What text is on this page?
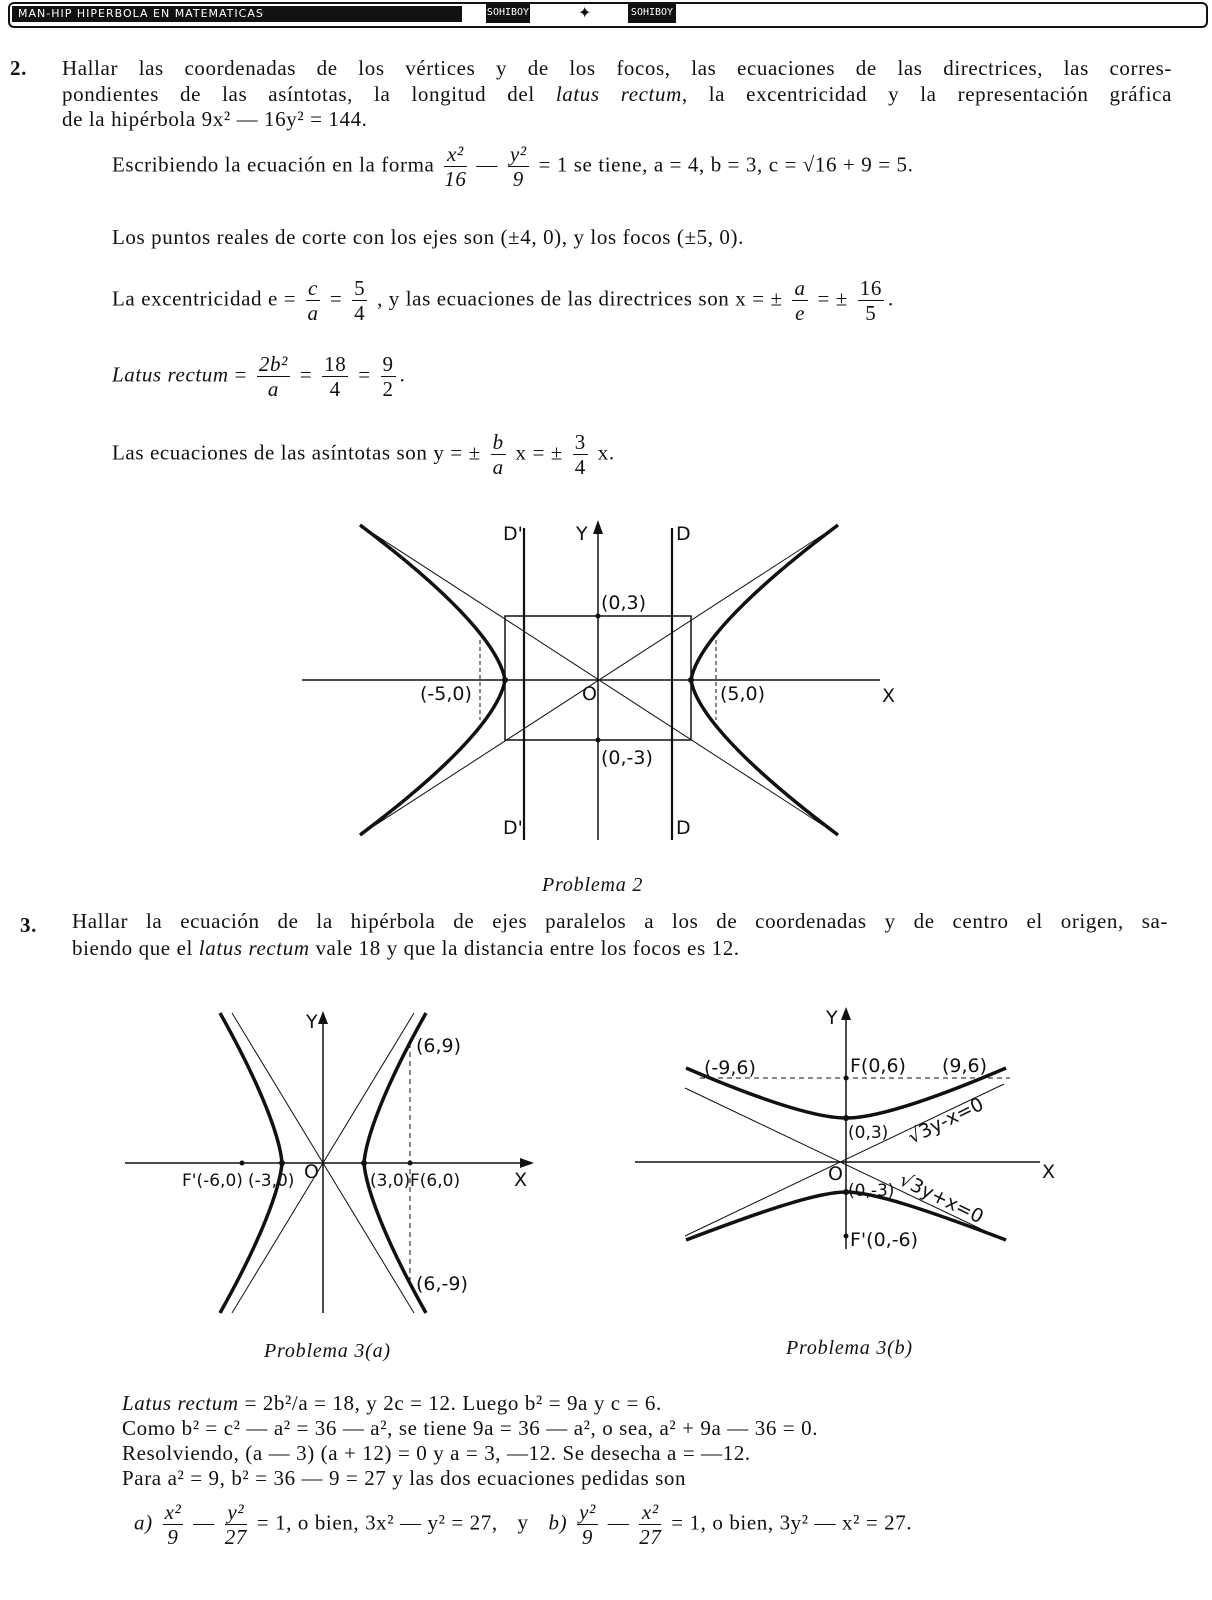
MAN-HIP HIPERBOLA EN MATEMATICAS	SOHIBOY	✦	SOHIBOY
2. Hallar las coordenadas de los vértices y de los focos, las ecuaciones de las directrices, las corres-
pondientes de las asíntotas, la longitud del latus rectum, la excentricidad y la representación gráfica
de la hipérbola 9x² — 16y² = 144.
Escribiendo la ecuación en la forma $\frac{\text{x²}}{16}$ — $\frac{\text{y²}}{9} = 1$ se tiene, a = 4, b = 3, c = √16 + 9 = 5.
Los puntos reales de corte con los ejes son (±4, 0), y los focos (±5, 0).
La excentricidad $e = \frac{c}{a} = \frac{5}{4}$ , y las ecuaciones de las directrices son x = ± $\frac{a}{e}$ = ± $\frac{16}{5}$ .
Latus rectum = $\frac{\text{2b²}}{a} = \frac{18}{4} = \frac{9}{2}$ .
Las ecuaciones de las asíntotas son y = ± $\frac{b}{a}$ x = ± $\frac{3}{4} x$.
D'	Y	D
(0,3)
(-5,0)	O	(5,0)	X
(0,-3)
D'	D
Problema 2
3. Hallar la ecuación de la hipérbola de ejes paralelos a los de coordenadas y de centro el origen, sa-
biendo que el latus rectum vale 18 y que la distancia entre los focos es 12.
Y
(6,9)
F'(-6,0) (-3,0) O	(3,0) F(6,0)	X
(6,-9)
Problema 3(a)
Y
(-9,6)	F(0,6) (9,6)
(0,3)
O	X
(0,-3)
F'(0,-6)
√3y-x=0
√3y+x=0
Problema 3(b)
Latus rectum = 2b²/a = 18, y 2c = 12. Luego b² = 9a y c = 6.
Como b² = c² — a² = 36 — a², se tiene 9a = 36 — a², o sea, a² + 9a — 36 = 0.
Resolviendo, (a — 3) (a + 12) = 0 y a = 3, —12. Se desecha a = —12.
Para a² = 9, b² = 36 — 9 = 27 y las dos ecuaciones pedidas son
$a) \frac{\text{x²}}{9}$ — $\frac{\text{y²}}{27} = 1$, o bien, 3x² — y² = 27, y $b) \frac{\text{y²}}{9}$ — $\frac{\text{x²}}{27} = 1$, o bien, 3y² — x² = 27.
